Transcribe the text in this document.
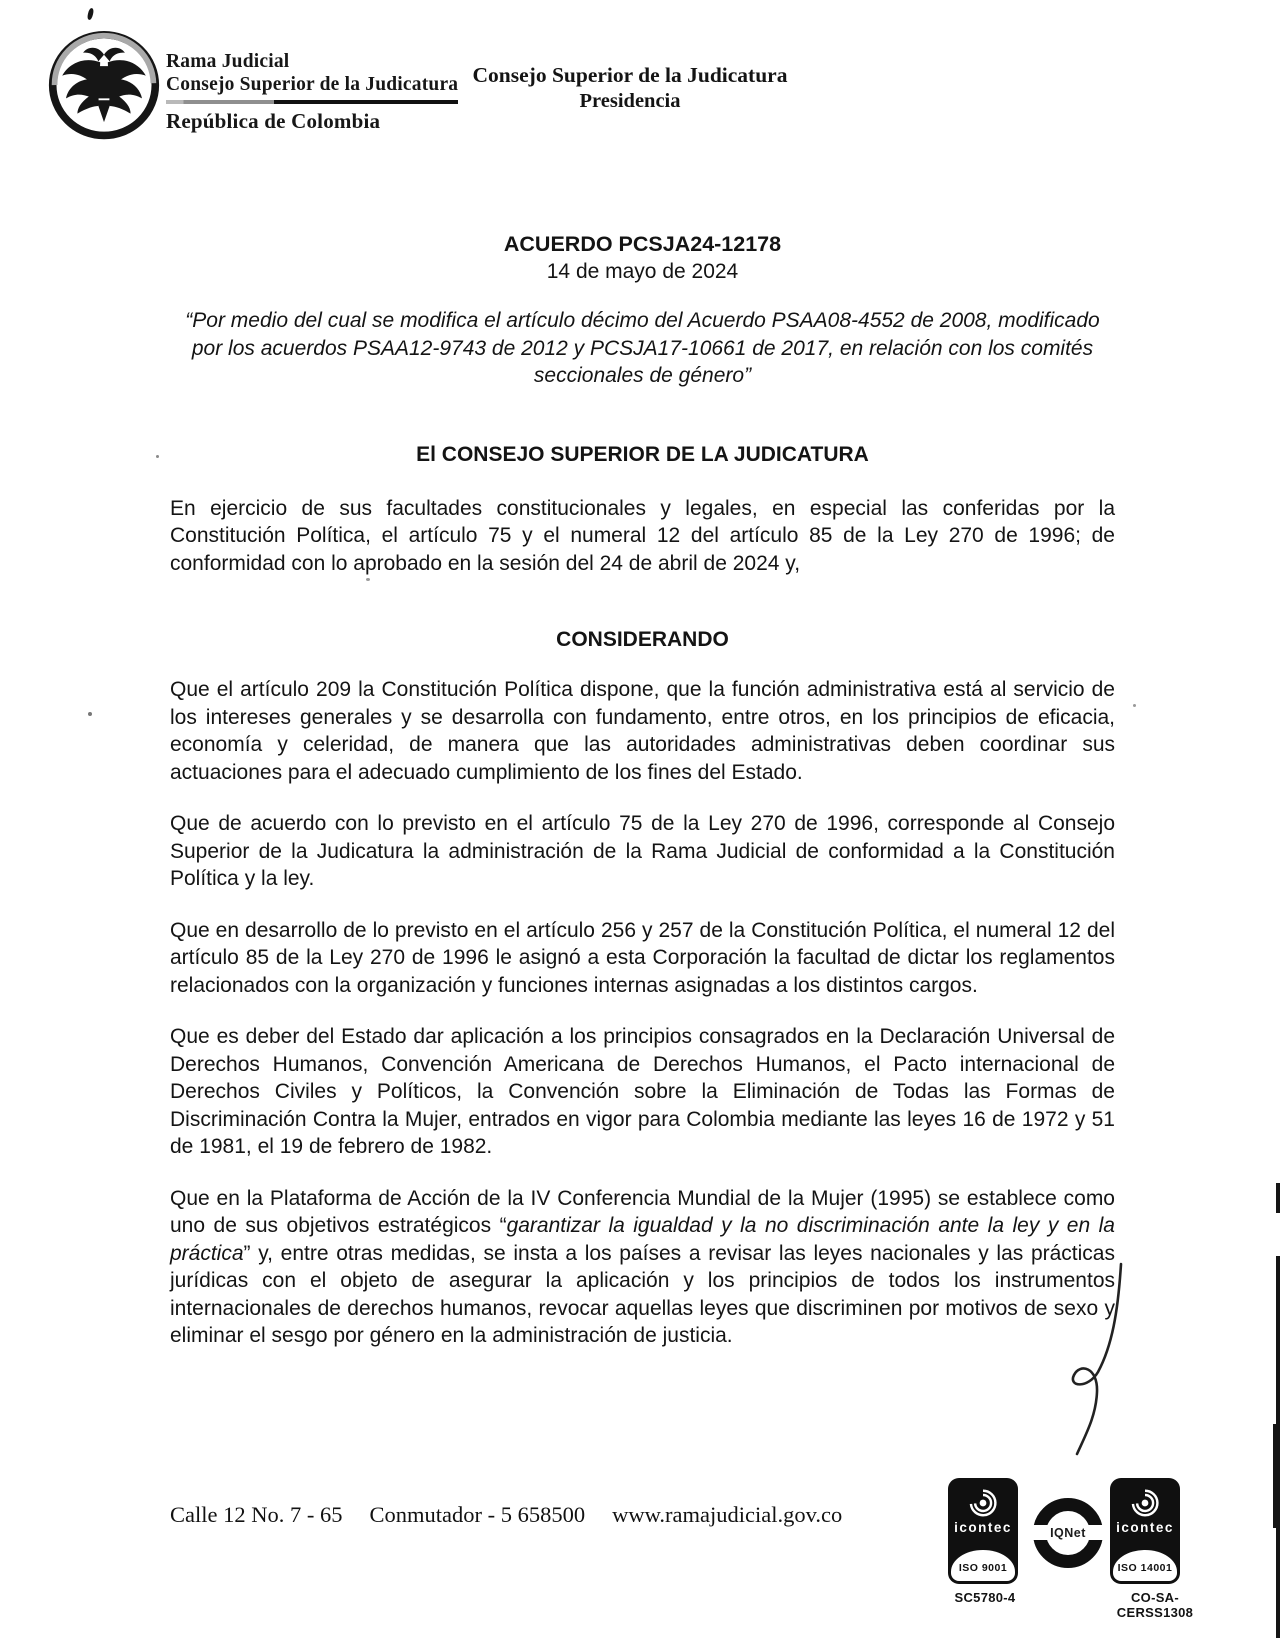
Rama Judicial
Consejo Superior de la Judicatura
República de Colombia
Consejo Superior de la Judicatura
Presidencia
ACUERDO PCSJA24-12178
14 de mayo de 2024
“Por medio del cual se modifica el artículo décimo del Acuerdo PSAA08-4552 de 2008, modificado por los acuerdos PSAA12-9743 de 2012 y PCSJA17-10661 de 2017, en relación con los comités seccionales de género”
El CONSEJO SUPERIOR DE LA JUDICATURA
En ejercicio de sus facultades constitucionales y legales, en especial las conferidas por la Constitución Política, el artículo 75 y el numeral 12 del artículo 85 de la Ley 270 de 1996; de conformidad con lo aprobado en la sesión del 24 de abril de 2024 y,
CONSIDERANDO

Que el artículo 209 la Constitución Política dispone, que la función administrativa está al servicio de los intereses generales y se desarrolla con fundamento, entre otros, en los principios de eficacia, economía y celeridad, de manera que las autoridades administrativas deben coordinar sus actuaciones para el adecuado cumplimiento de los fines del Estado.

Que de acuerdo con lo previsto en el artículo 75 de la Ley 270 de 1996, corresponde al Consejo Superior de la Judicatura la administración de la Rama Judicial de conformidad a la Constitución Política y la ley.

Que en desarrollo de lo previsto en el artículo 256 y 257 de la Constitución Política, el numeral 12 del artículo 85 de la Ley 270 de 1996 le asignó a esta Corporación la facultad de dictar los reglamentos relacionados con la organización y funciones internas asignadas a los distintos cargos.

Que es deber del Estado dar aplicación a los principios consagrados en la Declaración Universal de Derechos Humanos, Convención Americana de Derechos Humanos, el Pacto internacional de Derechos Civiles y Políticos, la Convención sobre la Eliminación de Todas las Formas de Discriminación Contra la Mujer, entrados en vigor para Colombia mediante las leyes 16 de 1972 y 51 de 1981, el 19 de febrero de 1982.

Que en la Plataforma de Acción de la IV Conferencia Mundial de la Mujer (1995) se establece como uno de sus objetivos estratégicos “garantizar la igualdad y la no discriminación ante la ley y en la práctica” y, entre otras medidas, se insta a los países a revisar las leyes nacionales y las prácticas jurídicas con el objeto de asegurar la aplicación y los principios de todos los instrumentos internacionales de derechos humanos, revocar aquellas leyes que discriminen por motivos de sexo y eliminar el sesgo por género en la administración de justicia.

Calle 12 No. 7 - 65 Conmutador - 5 658500 www.ramajudicial.gov.co
icontec
ISO 9001
IQNet	icontec
ISO 14001
SC5780-4	CO-SA-CERSS1308
